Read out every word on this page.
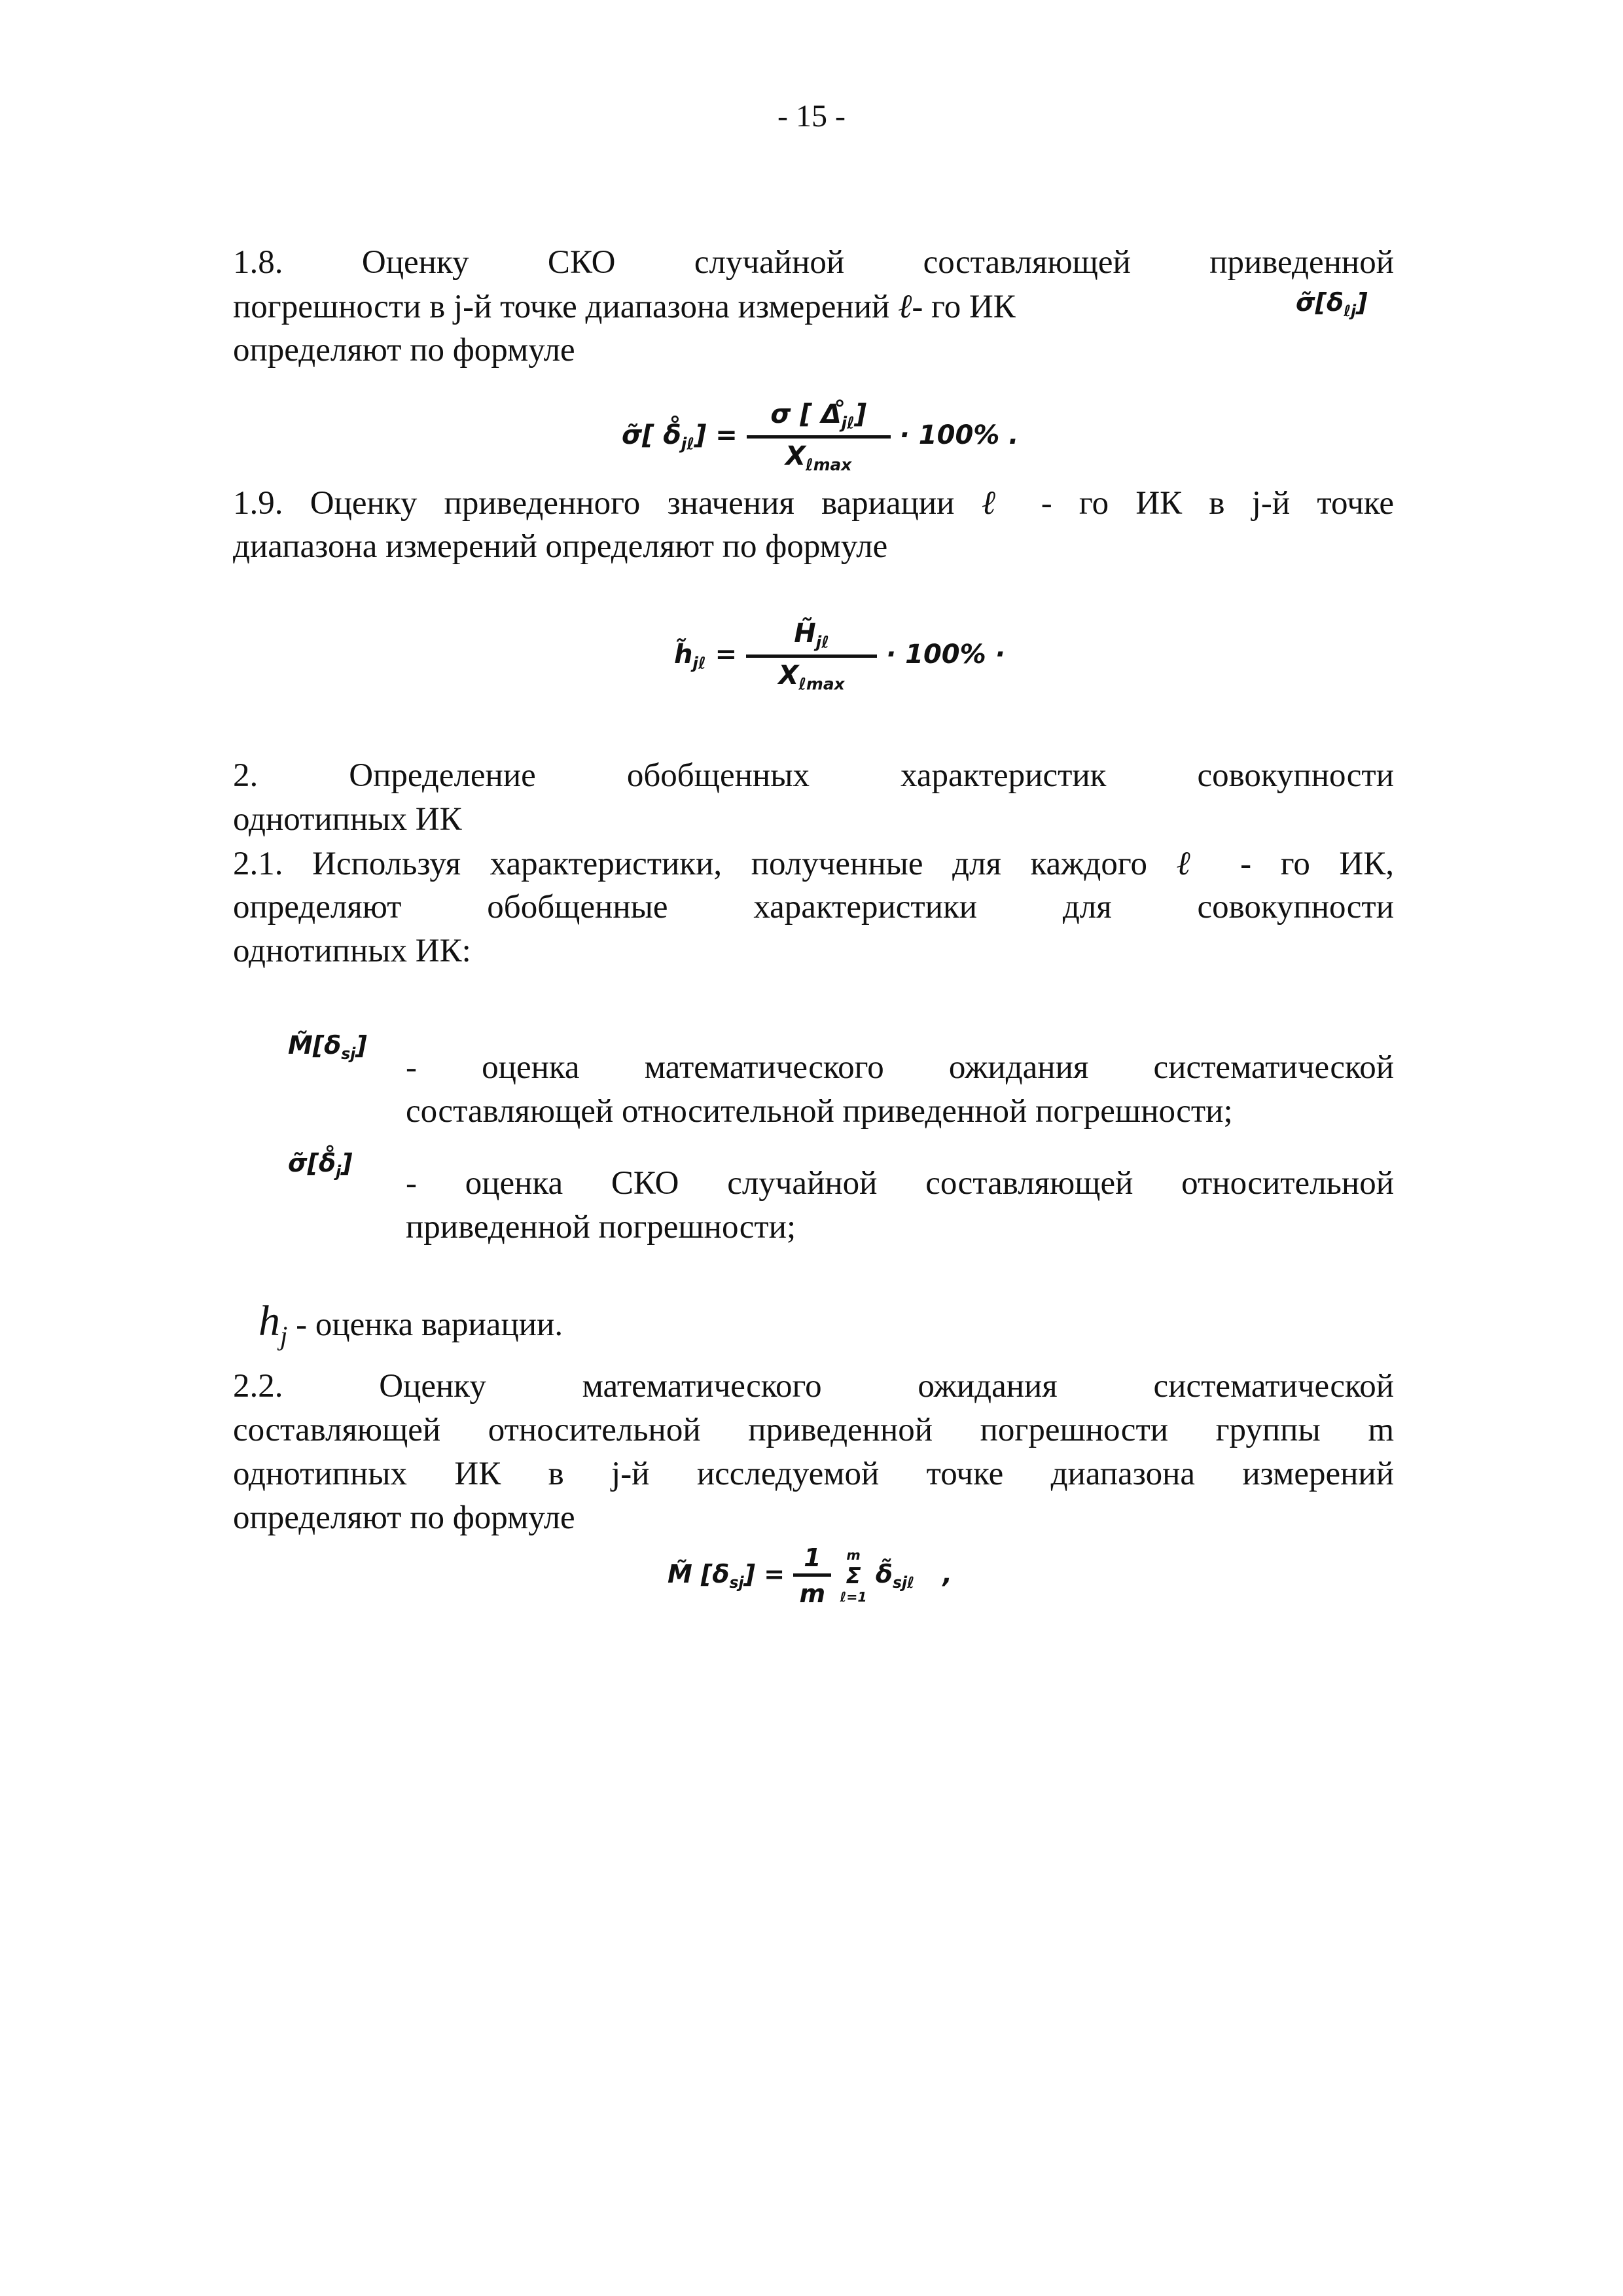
- 15 -
1.8. Оценку СКО случайной составляющей приведенной
погрешности в j-й точке диапазона измерений ℓ- го ИК
определяют по формуле
$\sigmã[\delta_{\ell j}]$
σ̃[ $\deltå_{j\ell}] = \frac{\sigma [ \Deltå_{j\ell}]}{X_{\ell max}} \cdot 100\%$ .
1.9. Оценку приведенного значения вариации ℓ - го ИК в j-й точке
диапазона измерений определяют по формуле
$h̃_{j\ell} = \frac{H̃_{j\ell}}{X_{\ell max}} \cdot 100\%$ ·
2. Определение обобщенных характеристик совокупности
однотипных ИК
2.1. Используя характеристики, полученные для каждого ℓ - го ИК,
определяют обобщенные характеристики для совокупности
однотипных ИК:
$M̃[\delta_{sj}]$
- оценка математического ожидания систематической
составляющей относительной приведенной погрешности;
$\sigmã[\deltå_j]$
- оценка СКО случайной составляющей относительной
приведенной погрешности;
$h_j$ - оценка вариации.
2.2. Оценку математического ожидания систематической
составляющей относительной приведенной погрешности группы m
однотипных ИК в j-й исследуемой точке диапазона измерений
определяют по формуле
M̃ $[\delta_{sj}] = \frac{1}{m}$
	m
Σ
ℓ=1
$\deltã_{sj\ell}$ ,
